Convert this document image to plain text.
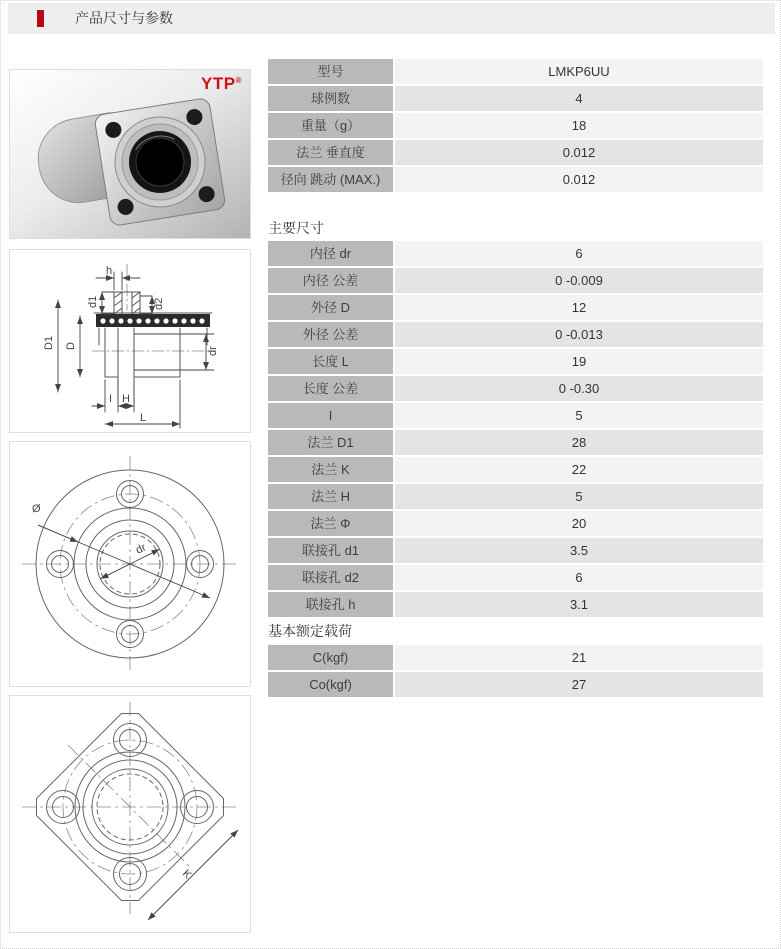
产品尺寸与参数
YTP®
h
d1	d2
D1 D
dr
I H
L
Ø
dr
K
型号	LMKP6UU
球例数	4
重量（g）	18
法兰 垂直度	0.012
径向 跳动 (MAX.)	0.012
主要尺寸
内径 dr	6
内径 公差	0 -0.009
外径 D	12
外径 公差	0 -0.013
长度 L	19
长度 公差	0 -0.30
I	5
法兰 D1	28
法兰 K	22
法兰 H	5
法兰 Φ	20
联接孔 d1	3.5
联接孔 d2	6
联接孔 h	3.1
基本额定载荷
C(kgf)	21
Co(kgf)	27
